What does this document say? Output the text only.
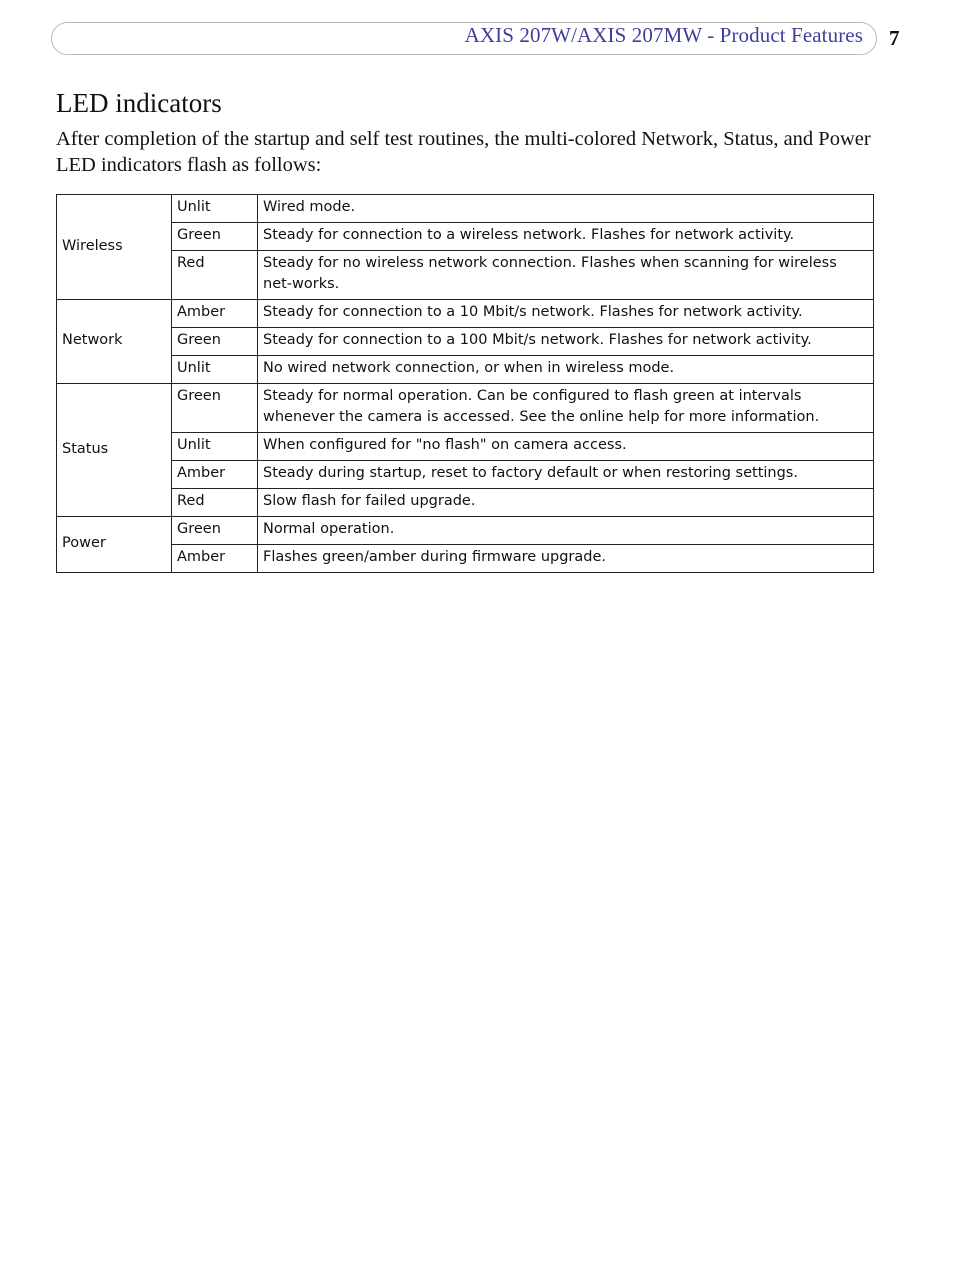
AXIS 207W/AXIS 207MW - Product Features 7
LED indicators

After completion of the startup and self test routines, the multi-colored Network, Status, and Power LED indicators flash as follows:

Wireless	Unlit	Wired mode.
	Green	Steady for connection to a wireless network. Flashes for network activity.
	Red	Steady for no wireless network connection. Flashes when scanning for wireless net-works.
Network	Amber	Steady for connection to a 10 Mbit/s network. Flashes for network activity.
	Green	Steady for connection to a 100 Mbit/s network. Flashes for network activity.
	Unlit	No wired network connection, or when in wireless mode.
Status	Green	Steady for normal operation. Can be configured to flash green at intervals whenever the camera is accessed. See the online help for more information.
	Unlit	When configured for "no flash" on camera access.
	Amber	Steady during startup, reset to factory default or when restoring settings.
	Red	Slow flash for failed upgrade.
Power	Green	Normal operation.
	Amber	Flashes green/amber during firmware upgrade.
